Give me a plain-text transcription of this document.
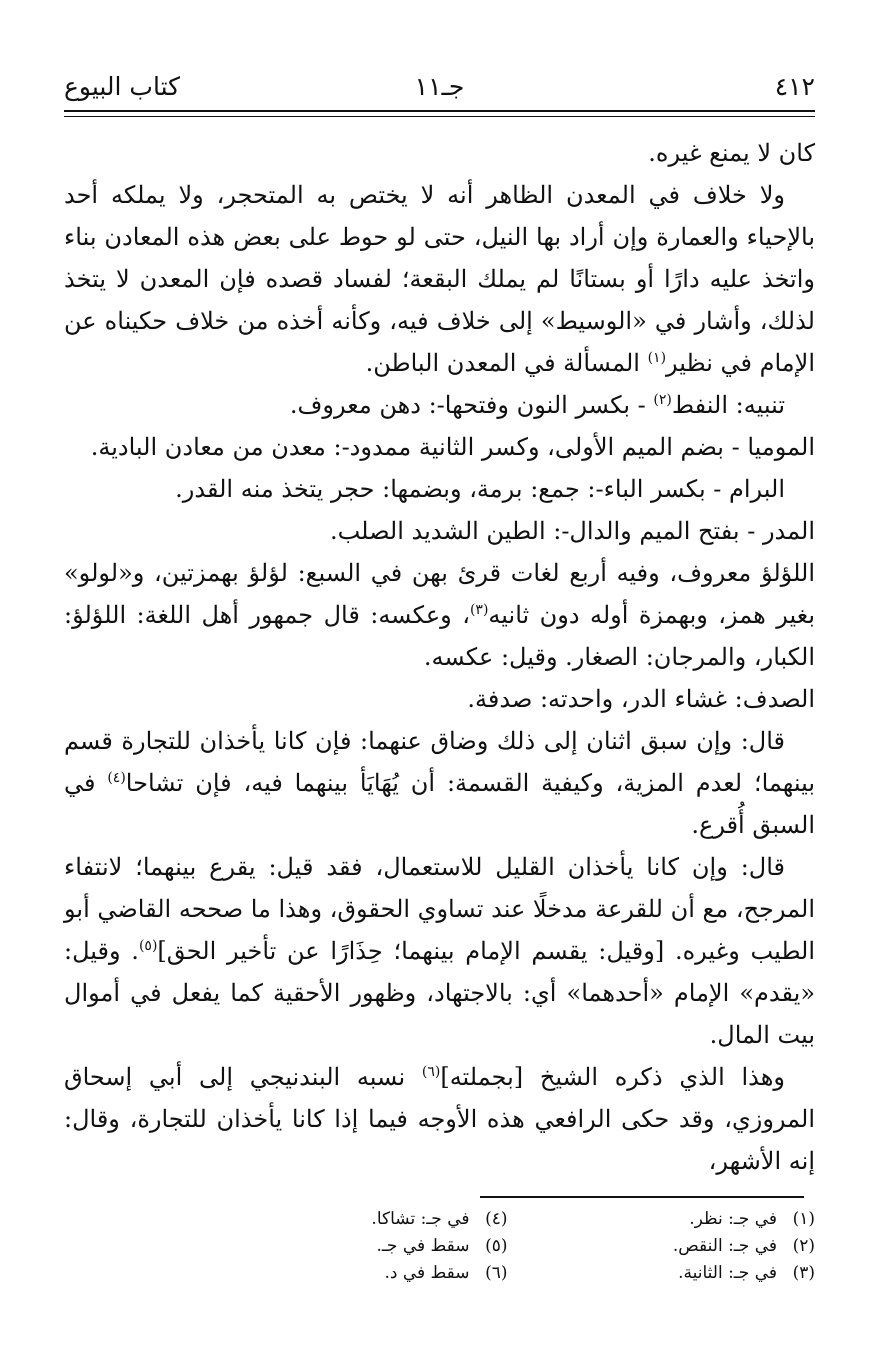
كتاب البيوع	جـ١١	٤١٢

كان لا يمنع غيره.

ولا خلاف في المعدن الظاهر أنه لا يختص به المتحجر، ولا يملكه أحد بالإحياء والعمارة وإن أراد بها النيل، حتى لو حوط على بعض هذه المعادن بناء واتخذ عليه دارًا أو بستانًا لم يملك البقعة؛ لفساد قصده فإن المعدن لا يتخذ لذلك، وأشار في «الوسيط» إلى خلاف فيه، وكأنه أخذه من خلاف حكيناه عن الإمام في نظير$^{(١)}$ المسألة في المعدن الباطن.

تنبيه: النفط$^{(٢)}$ - بكسر النون وفتحها-: دهن معروف.

الموميا - بضم الميم الأولى، وكسر الثانية ممدود-: معدن من معادن البادية.

البرام - بكسر الباء-: جمع: برمة، وبضمها: حجر يتخذ منه القدر.

المدر - بفتح الميم والدال-: الطين الشديد الصلب.

اللؤلؤ معروف، وفيه أربع لغات قرئ بهن في السبع: لؤلؤ بهمزتين، و«لولو» بغير همز، وبهمزة أوله دون ثانيه$^{(٣)}$، وعكسه: قال جمهور أهل اللغة: اللؤلؤ: الكبار، والمرجان: الصغار. وقيل: عكسه.

الصدف: غشاء الدر، واحدته: صدفة.

قال: وإن سبق اثنان إلى ذلك وضاق عنهما: فإن كانا يأخذان للتجارة قسم بينهما؛ لعدم المزية، وكيفية القسمة: أن يُهَايَأ بينهما فيه، فإن تشاحا$^{(٤)}$ في السبق أُقرع.

قال: وإن كانا يأخذان القليل للاستعمال، فقد قيل: يقرع بينهما؛ لانتفاء المرجح، مع أن للقرعة مدخلًا عند تساوي الحقوق، وهذا ما صححه القاضي أبو الطيب وغيره. [وقيل: يقسم الإمام بينهما؛ حِذَارًا عن تأخير الحق]$^{(٥)}$. وقيل: «يقدم» الإمام «أحدهما» أي: بالاجتهاد، وظهور الأحقية كما يفعل في أموال بيت المال.

وهذا الذي ذكره الشيخ [بجملته]$^{(٦)}$ نسبه البندنيجي إلى أبي إسحاق المروزي، وقد حكى الرافعي هذه الأوجه فيما إذا كانا يأخذان للتجارة، وقال: إنه الأشهر،

(١)في جـ: نظر.
(٢)في جـ: النقص.
(٣)في جـ: الثانية.
(٤)في جـ: تشاكا.
(٥)سقط في جـ.
(٦)سقط في د.
